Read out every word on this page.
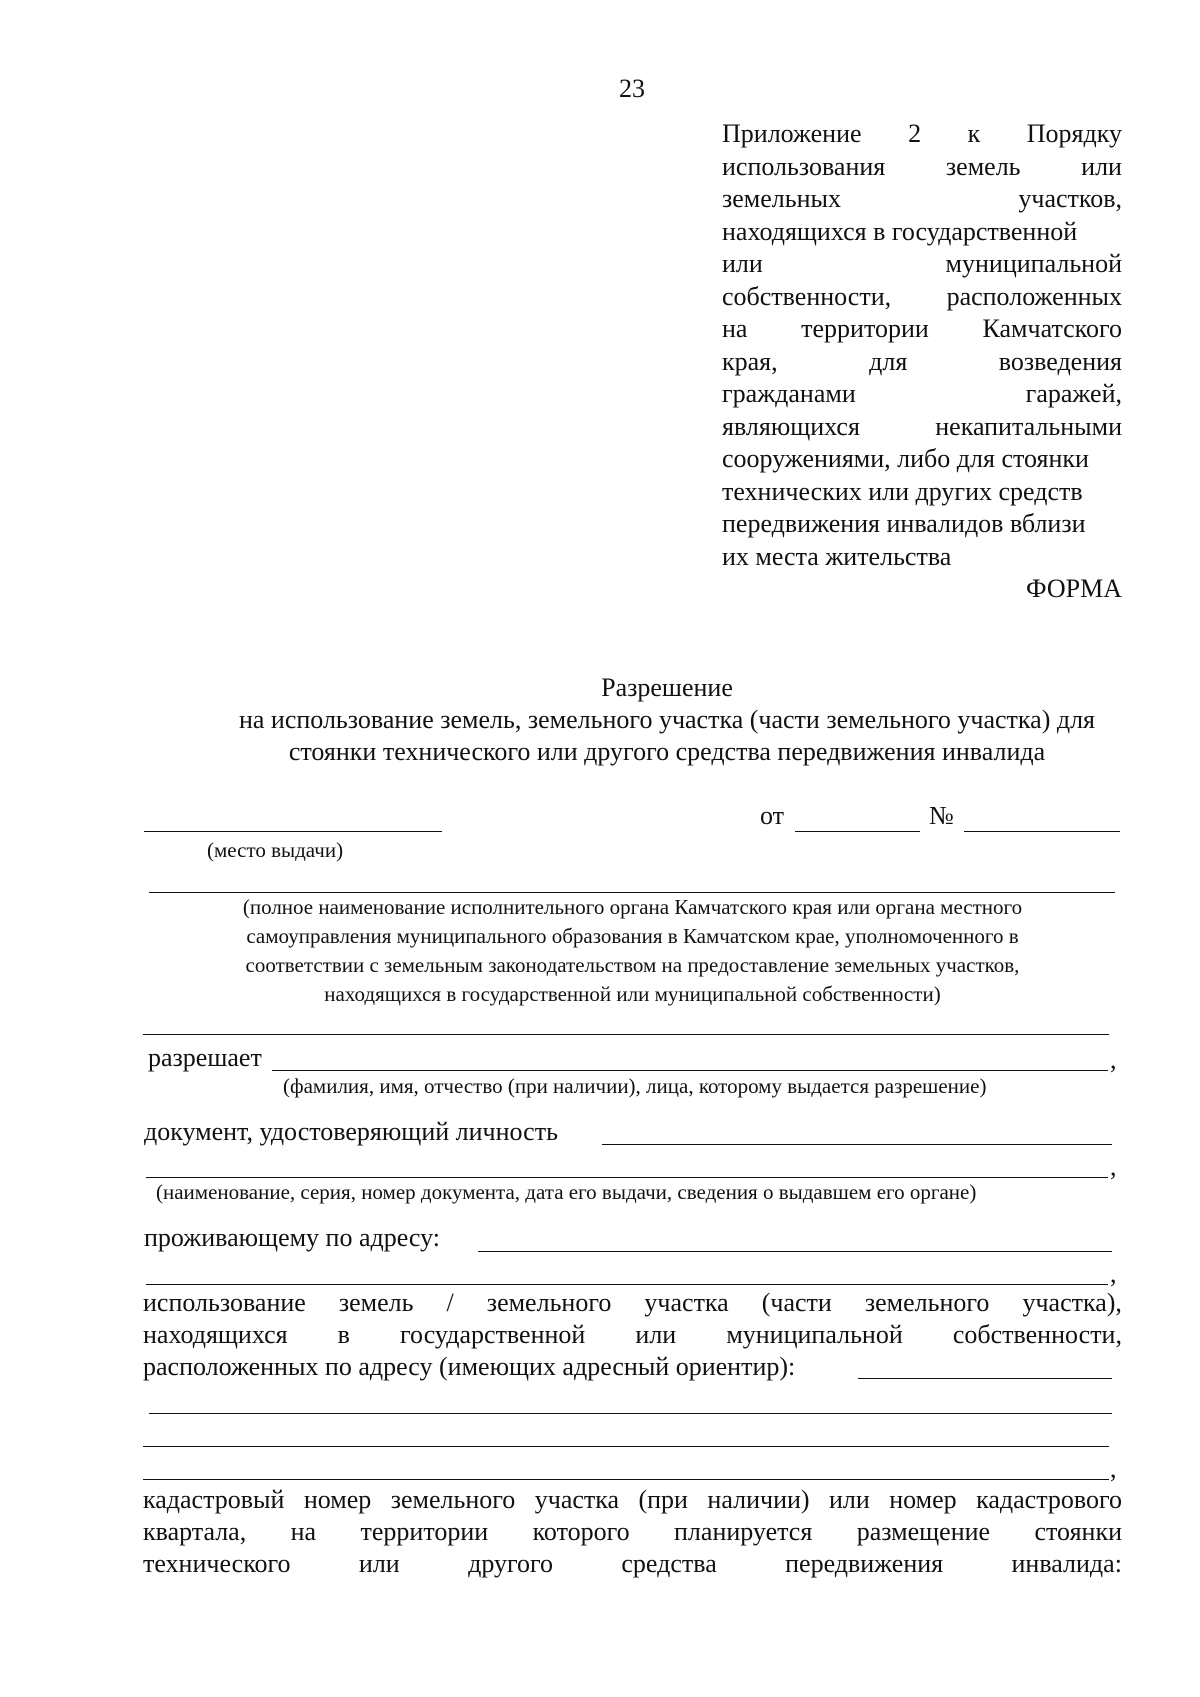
23
Приложение 2 к Порядку
использования земель или
земельных	участков,
находящихся в государственной
или	муниципальной
собственности, расположенных
на территории Камчатского
края,	для	возведения
гражданами	гаражей,
являющихся	некапитальными
сооружениями, либо для стоянки
технических или других средств
передвижения инвалидов вблизи
их места жительства
ФОРМА
Разрешение
на использование земель, земельного участка (части земельного участка) для
стоянки технического или другого средства передвижения инвалида
от	№
(место выдачи)
(полное наименование исполнительного органа Камчатского края или органа местного
самоуправления муниципального образования в Камчатском крае, уполномоченного в
соответствии с земельным законодательством на предоставление земельных участков,
находящихся в государственной или муниципальной собственности)
разрешает	,
(фамилия, имя, отчество (при наличии), лица, которому выдается разрешение)
документ, удостоверяющий личность
,
(наименование, серия, номер документа, дата его выдачи, сведения о выдавшем его органе)
проживающему по адресу:
,
использование земель / земельного участка (части земельного участка),
находящихся в государственной или муниципальной собственности,
расположенных по адресу (имеющих адресный ориентир):
,
кадастровый номер земельного участка (при наличии) или номер кадастрового
квартала, на территории которого планируется размещение стоянки
технического	или	другого	средства	передвижения	инвалида:
